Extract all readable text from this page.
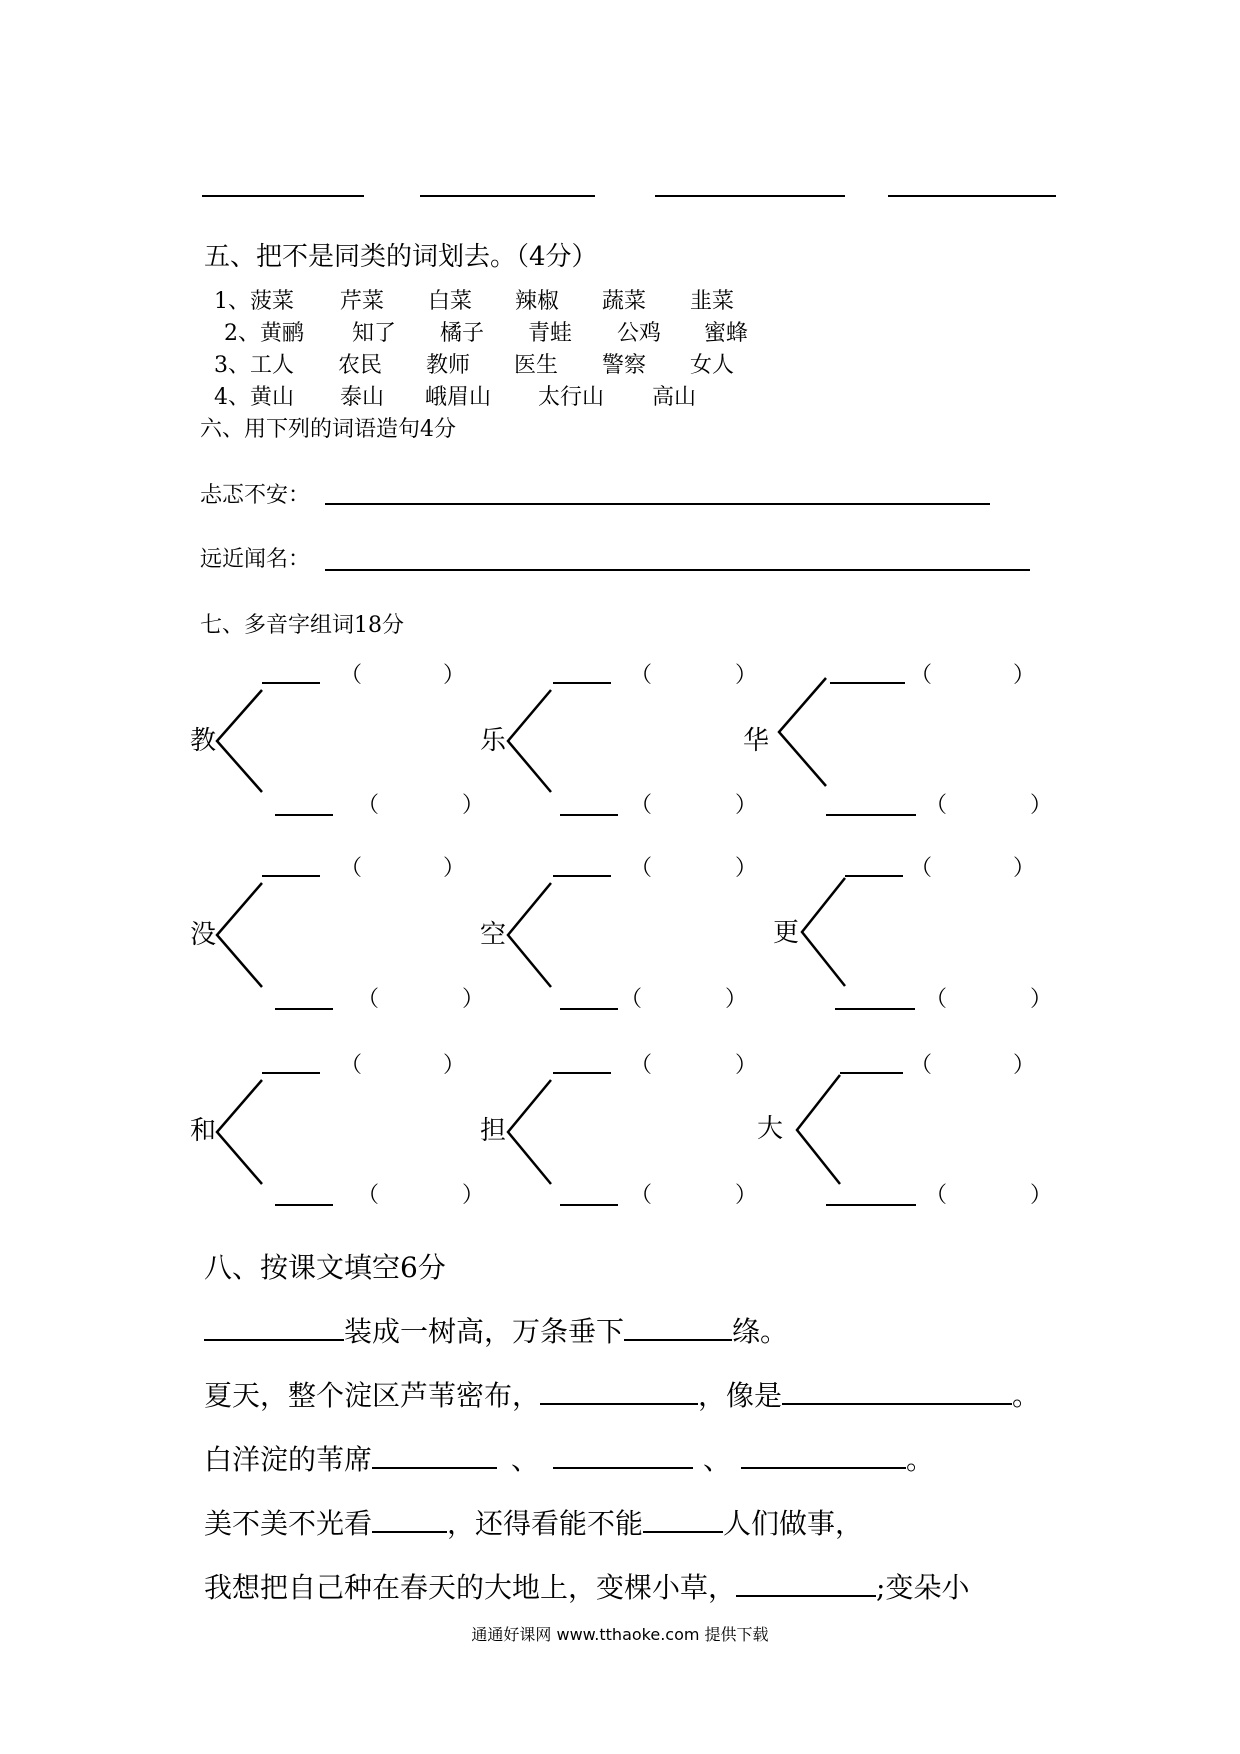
五、把不是同类的词划去。（4分）
1、菠菜 芹菜 白菜 辣椒 蔬菜 韭菜
2、黄鹂 知了 橘子 青蛙 公鸡 蜜蜂
3、工人 农民 教师 医生 警察 女人
4、黄山 泰山 峨眉山 太行山 高山
六、用下列的词语造句4分
忐忑不安：
远近闻名：
七、多音字组词18分
教	乐	华
（	）	（	）	（	）
（	）	（	）	（	）
没	空	更
（	）	（	）	（	）
（	）	（	）	（	）
和	担	大
（	）	（	）	（	）
（	）	（	）	（	）
八、按课文填空6分
装成一树高，万条垂下	绦。
夏天，整个淀区芦苇密布，	，像是	。
白洋淀的苇席	、	、	。
美不美不光看	，还得看能不能	人们做事，
我想把自己种在春天的大地上，变棵小草，	;变朵小
通通好课网 www.tthaoke.com 提供下载
